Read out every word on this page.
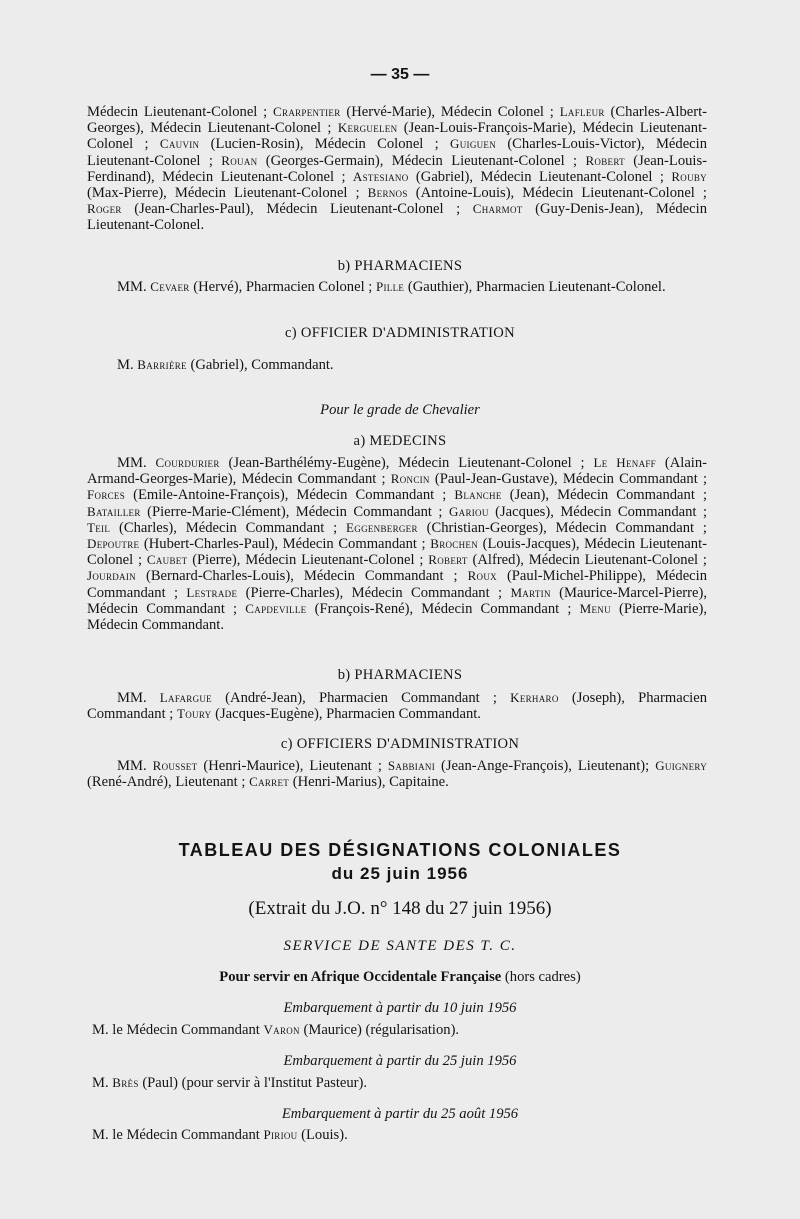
— 35 —
Médecin Lieutenant-Colonel ; Crarpentier (Hervé-Marie), Médecin Colonel ; Lafleur (Charles-Albert-Georges), Médecin Lieutenant-Colonel ; Kerguelen (Jean-Louis-François-Marie), Médecin Lieutenant-Colonel ; Cauvin (Lucien-Rosin), Médecin Colonel ; Guiguen (Charles-Louis-Victor), Médecin Lieutenant-Colonel ; Rouan (Georges-Germain), Médecin Lieutenant-Colonel ; Robert (Jean-Louis-Ferdinand), Médecin Lieutenant-Colonel ; Astesiano (Gabriel), Médecin Lieutenant-Colonel ; Rouby (Max-Pierre), Médecin Lieutenant-Colonel ; Bernos (Antoine-Louis), Médecin Lieutenant-Colonel ; Roger (Jean-Charles-Paul), Médecin Lieutenant-Colonel ; Charmot (Guy-Denis-Jean), Médecin Lieutenant-Colonel.
b) PHARMACIENS
MM. Cevaer (Hervé), Pharmacien Colonel ; Pille (Gauthier), Pharmacien Lieutenant-Colonel.
c) OFFICIER D'ADMINISTRATION
M. Barrière (Gabriel), Commandant.
Pour le grade de Chevalier
a) MEDECINS
MM. Courdurier (Jean-Barthélémy-Eugène), Médecin Lieutenant-Colonel ; Le Henaff (Alain-Armand-Georges-Marie), Médecin Commandant ; Roncin (Paul-Jean-Gustave), Médecin Commandant ; Forces (Emile-Antoine-François), Médecin Commandant ; Blanche (Jean), Médecin Commandant ; Batailler (Pierre-Marie-Clément), Médecin Commandant ; Gariou (Jacques), Médecin Commandant ; Teil (Charles), Médecin Commandant ; Eggenberger (Christian-Georges), Médecin Commandant ; Depoutre (Hubert-Charles-Paul), Médecin Commandant ; Brochen (Louis-Jacques), Médecin Lieutenant-Colonel ; Caubet (Pierre), Médecin Lieutenant-Colonel ; Robert (Alfred), Médecin Lieutenant-Colonel ; Jourdain (Bernard-Charles-Louis), Médecin Commandant ; Roux (Paul-Michel-Philippe), Médecin Commandant ; Lestrade (Pierre-Charles), Médecin Commandant ; Martin (Maurice-Marcel-Pierre), Médecin Commandant ; Capdeville (François-René), Médecin Commandant ; Menu (Pierre-Marie), Médecin Commandant.
b) PHARMACIENS
MM. Lafargue (André-Jean), Pharmacien Commandant ; Kerharo (Joseph), Pharmacien Commandant ; Toury (Jacques-Eugène), Pharmacien Commandant.
c) OFFICIERS D'ADMINISTRATION
MM. Rousset (Henri-Maurice), Lieutenant ; Sabbiani (Jean-Ange-François), Lieutenant); Guignery (René-André), Lieutenant ; Carret (Henri-Marius), Capitaine.
TABLEAU DES DÉSIGNATIONS COLONIALES
du 25 juin 1956
(Extrait du J.O. n° 148 du 27 juin 1956)
SERVICE DE SANTE DES T. C.
Pour servir en Afrique Occidentale Française (hors cadres)
Embarquement à partir du 10 juin 1956
M. le Médecin Commandant Varon (Maurice) (régularisation).
Embarquement à partir du 25 juin 1956
M. Brès (Paul) (pour servir à l'Institut Pasteur).
Embarquement à partir du 25 août 1956
M. le Médecin Commandant Piriou (Louis).
